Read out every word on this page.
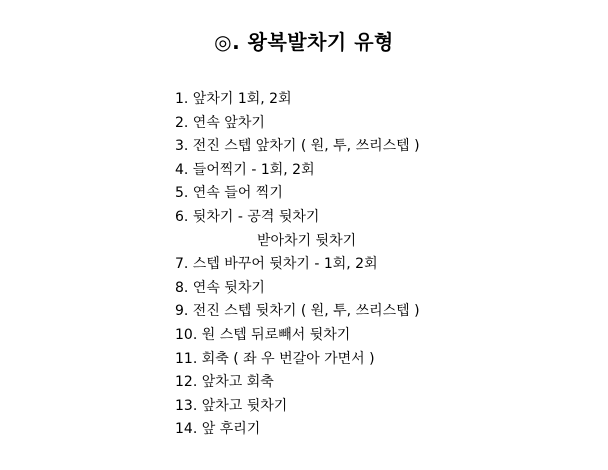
◎. 왕복발차기 유형
1. 앞차기 1회, 2회
2. 연속 앞차기
3. 전진 스텝 앞차기 ( 원, 투, 쓰리스텝 )
4. 들어찍기 - 1회, 2회
5. 연속 들어 찍기
6. 뒷차기 - 공격 뒷차기
받아차기 뒷차기
7. 스텝 바꾸어 뒷차기 - 1회, 2회
8. 연속 뒷차기
9. 전진 스텝 뒷차기 ( 원, 투, 쓰리스텝 )
10. 원 스텝 뒤로빼서 뒷차기
11. 회축 ( 좌 우 번갈아 가면서 )
12. 앞차고 회축
13. 앞차고 뒷차기
14. 앞 후리기
